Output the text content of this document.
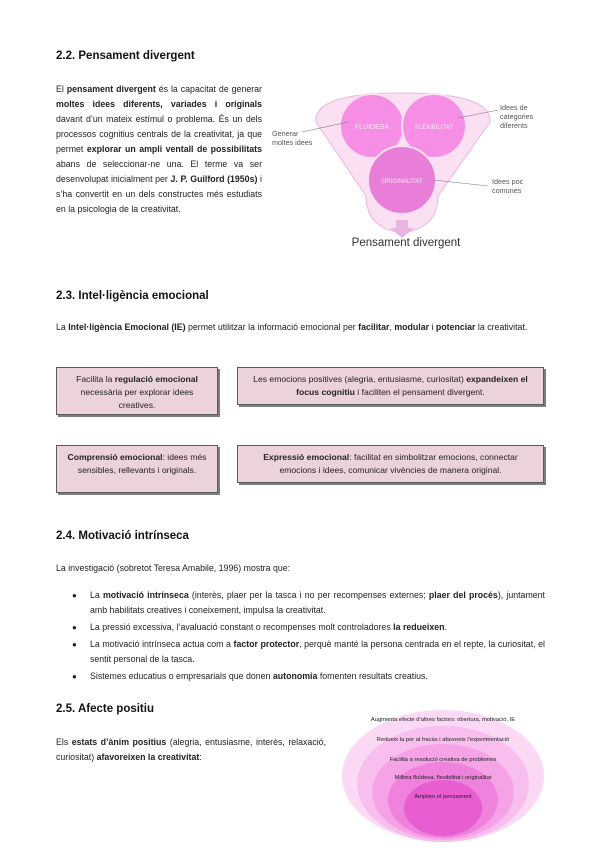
2.2. Pensament divergent
El pensament divergent és la capacitat de generar moltes idees diferents, variades i originals davant d’un mateix estímul o problema. És un dels processos cognitius centrals de la creativitat, ja que permet explorar un ampli ventall de possibilitats abans de seleccionar-ne una. El terme va ser desenvolupat inicialment per J. P. Guilford (1950s) i s’ha convertit en un dels constructes més estudiats en la psicologia de la creativitat.
FLUIDESA	FLEXIBILITAT
ORIGINALITAT
Generar
moltes idees
Idees de
categories
diferents
Idees poc
comunes
Pensament divergent
2.3. Intel·ligència emocional
La Intel·ligència Emocional (IE) permet utilitzar la informació emocional per facilitar, modular i potenciar la creativitat.
Facilita la regulació emocional necessària per explorar idees creatives.
Les emocions positives (alegria, entusiasme, curiositat) expandeixen el focus cognitiu i faciliten el pensament divergent.
Comprensió emocional: idees més sensibles, rellevants i originals.
Expressió emocional: facilitat en simbolitzar emocions, connectar emocions i idees, comunicar vivències de manera original.
2.4. Motivació intrínseca
La investigació (sobretot Teresa Amabile, 1996) mostra que:
● La motivació intrínseca (interès, plaer per la tasca i no per recompenses externes; plaer del procés), juntament amb habilitats creatives i coneixement, impulsa la creativitat.
● La pressió excessiva, l’avaluació constant o recompenses molt controladores la redueixen.
● La motivació intrínseca actua com a factor protector, perquè manté la persona centrada en el repte, la curiositat, el sentit personal de la tasca.
● Sistemes educatius o empresarials que donen autonomia fomenten resultats creatius.
2.5. Afecte positiu
Els estats d’ànim positius (alegria, entusiasme, interès, relaxació, curiositat) afavoreixen la creativitat:
Augmenta efecte d’altres factors: obertura, motivació, IE
Redueix la por al fracàs i afavoreix l’experimentació
Facilita a resolució creativa de problemes
Millora fluïdesa, flexibilitat i originalitat
Amplien el pensament
